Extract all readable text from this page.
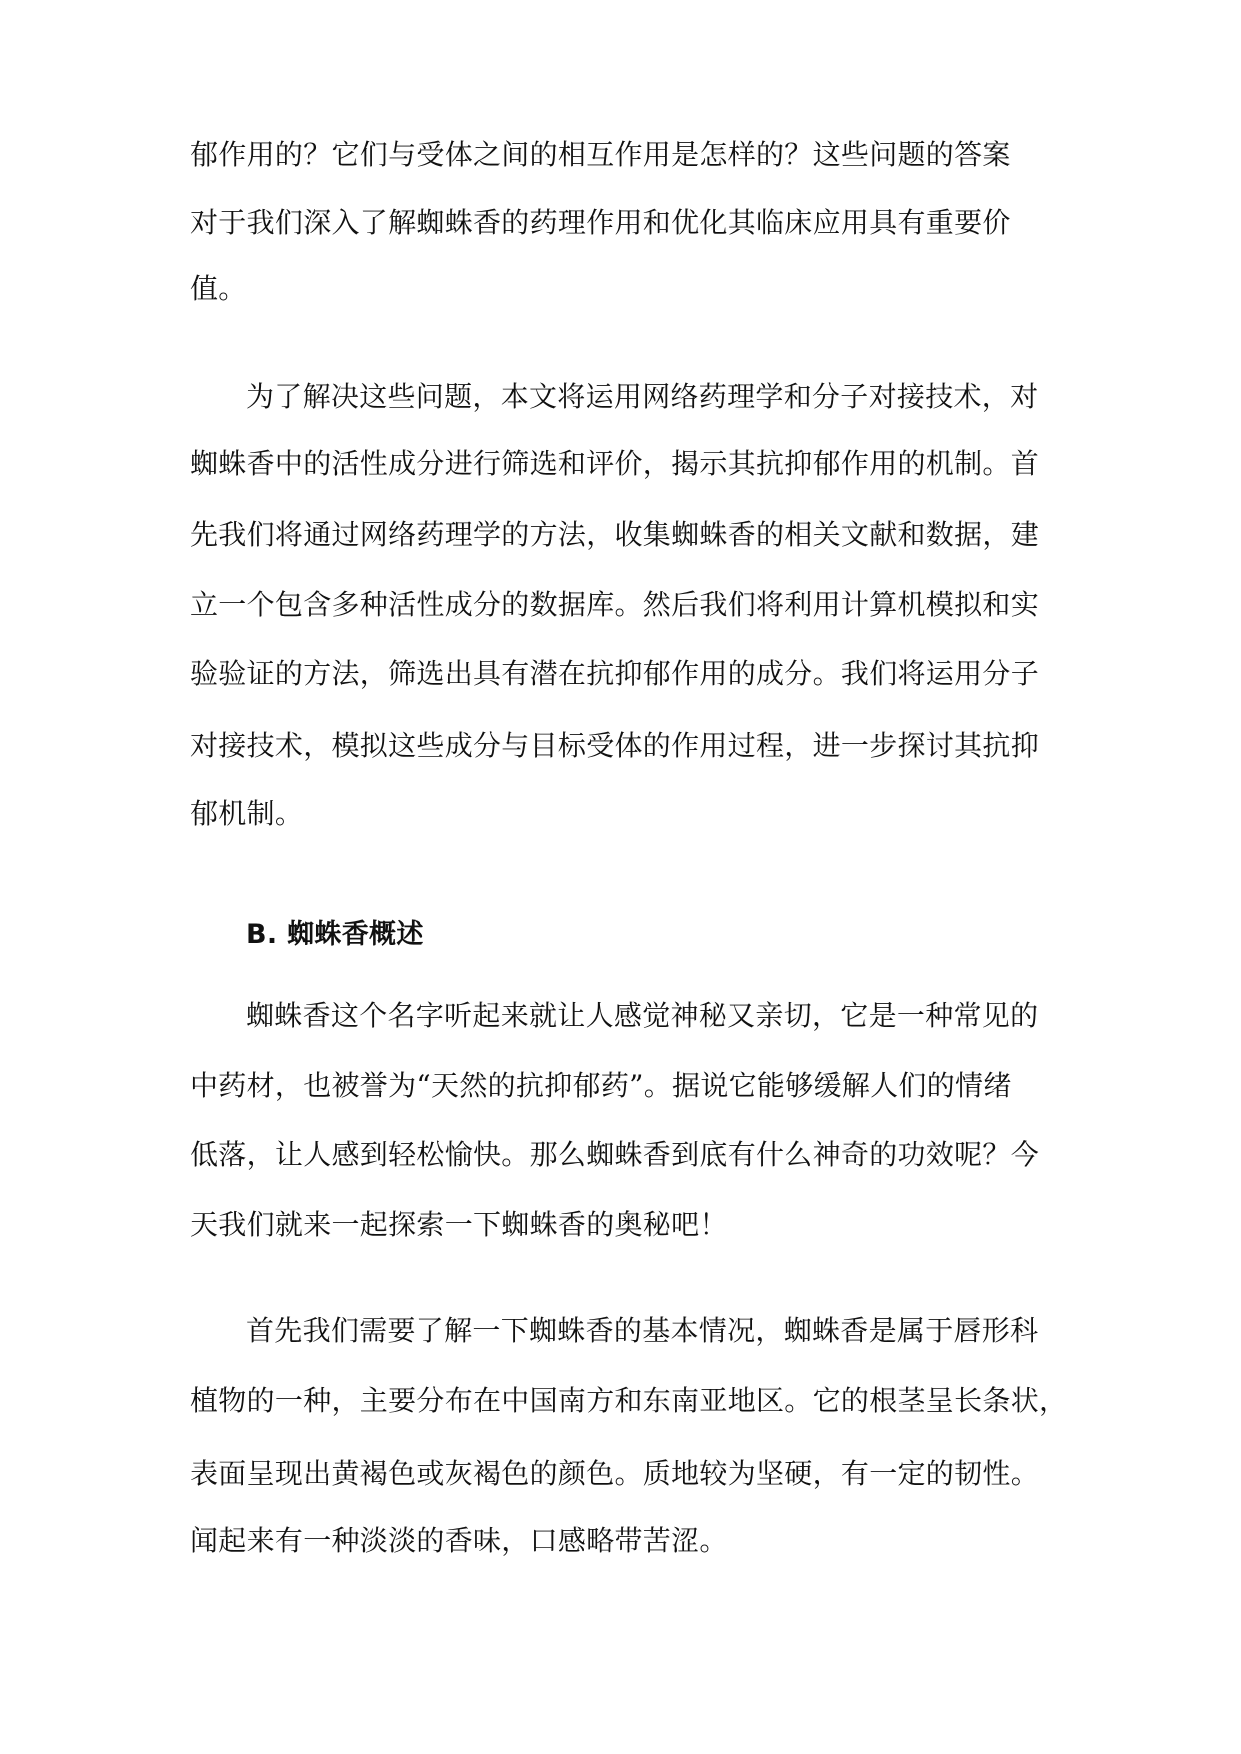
郁作用的？它们与受体之间的相互作用是怎样的？这些问题的答案

对于我们深入了解蜘蛛香的药理作用和优化其临床应用具有重要价

值。

为了解决这些问题，本文将运用网络药理学和分子对接技术，对

蜘蛛香中的活性成分进行筛选和评价，揭示其抗抑郁作用的机制。首

先我们将通过网络药理学的方法，收集蜘蛛香的相关文献和数据，建

立一个包含多种活性成分的数据库。然后我们将利用计算机模拟和实

验验证的方法，筛选出具有潜在抗抑郁作用的成分。我们将运用分子

对接技术，模拟这些成分与目标受体的作用过程，进一步探讨其抗抑

郁机制。

B. 蜘蛛香概述

蜘蛛香这个名字听起来就让人感觉神秘又亲切，它是一种常见的

中药材，也被誉为“天然的抗抑郁药”。据说它能够缓解人们的情绪

低落，让人感到轻松愉快。那么蜘蛛香到底有什么神奇的功效呢？今

天我们就来一起探索一下蜘蛛香的奥秘吧！

首先我们需要了解一下蜘蛛香的基本情况，蜘蛛香是属于唇形科

植物的一种，主要分布在中国南方和东南亚地区。它的根茎呈长条状，

表面呈现出黄褐色或灰褐色的颜色。质地较为坚硬，有一定的韧性。

闻起来有一种淡淡的香味，口感略带苦涩。
